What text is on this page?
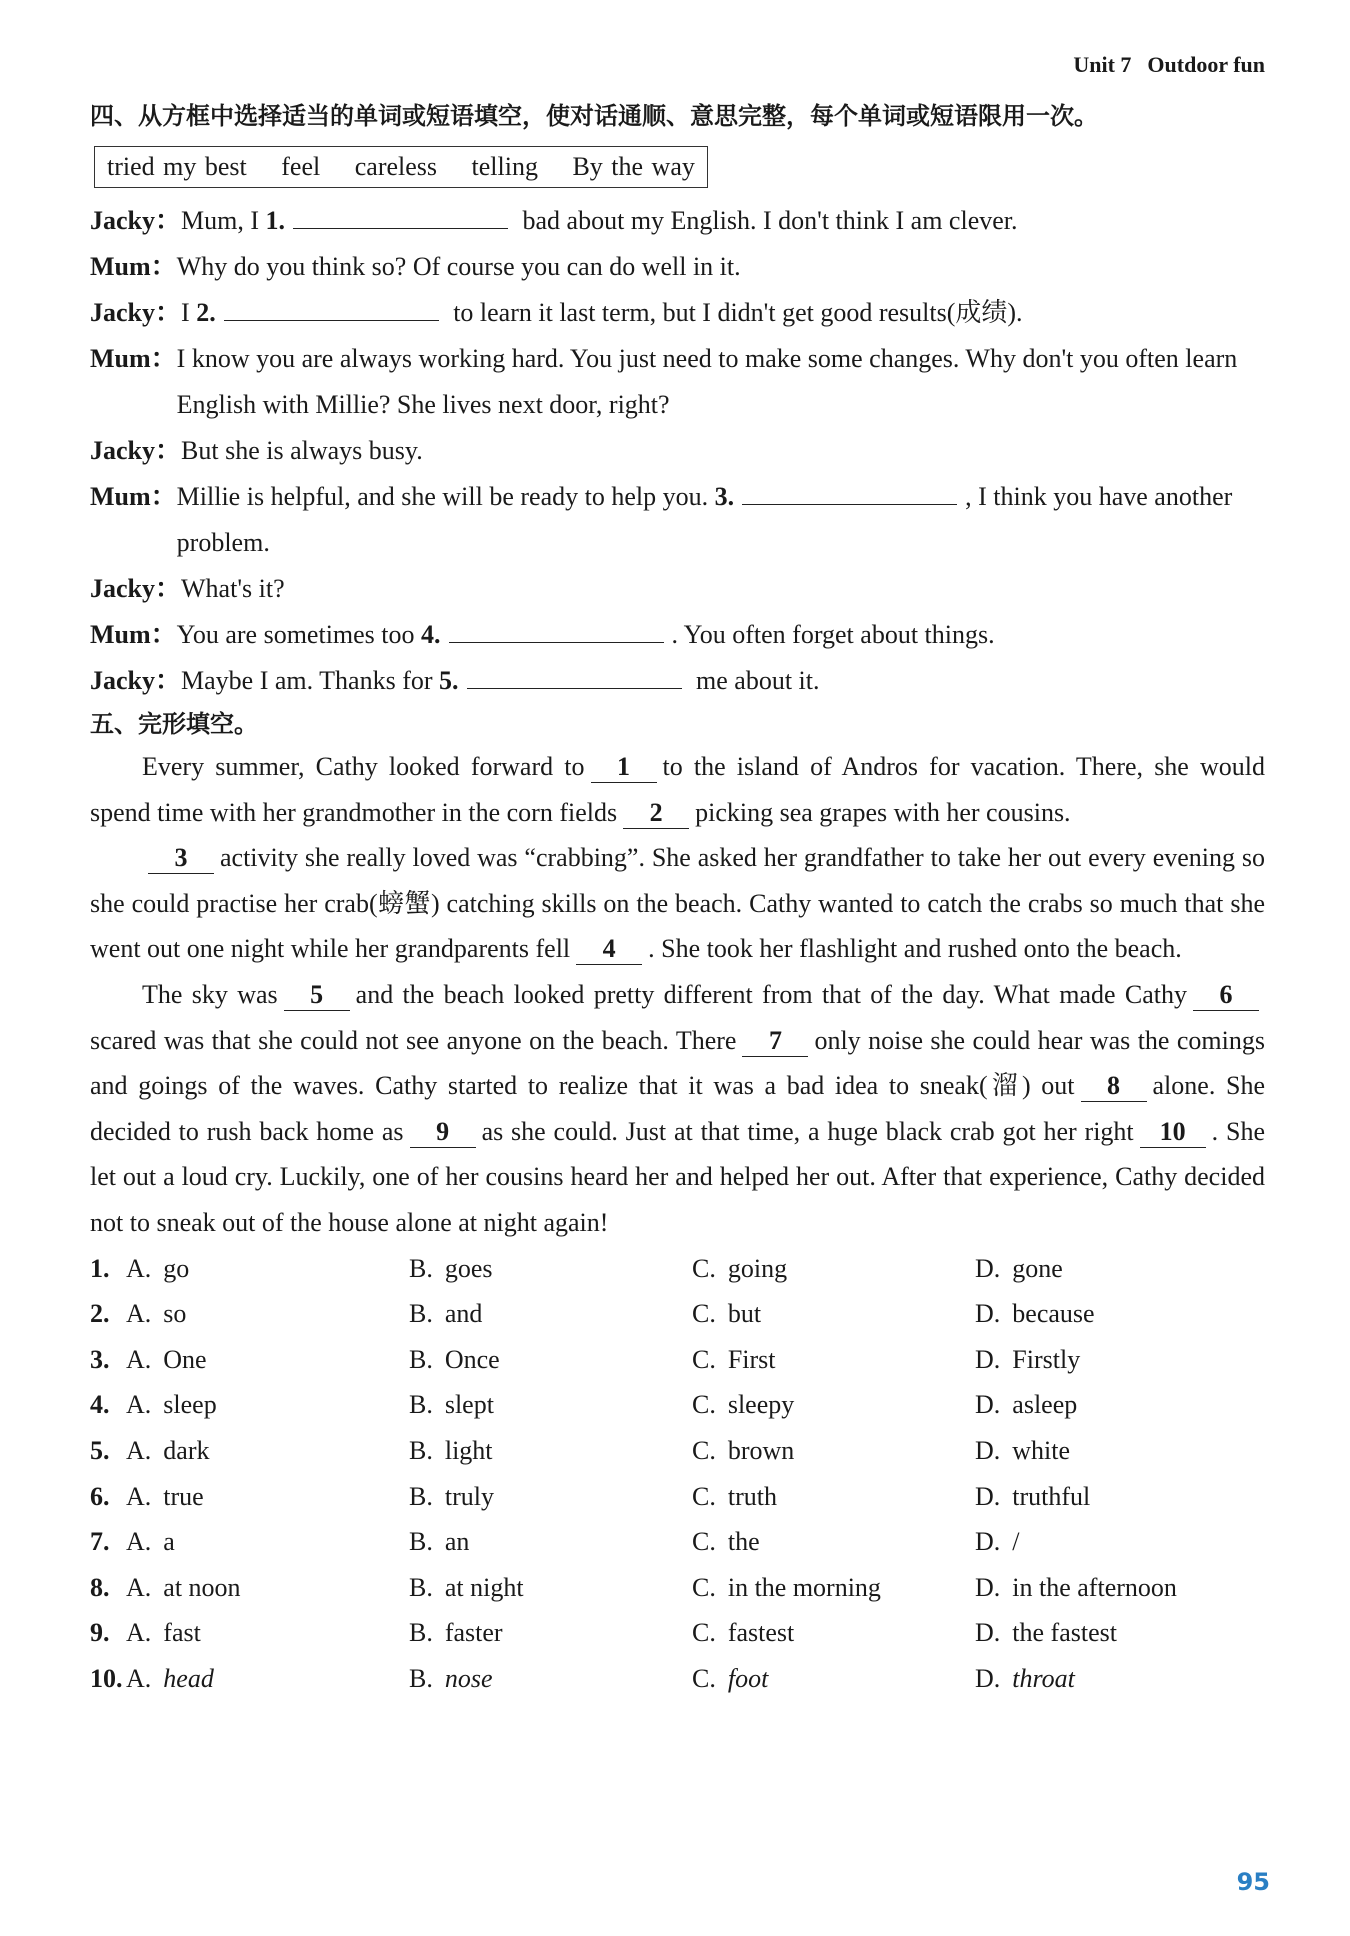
Unit 7 Outdoor fun
四、从方框中选择适当的单词或短语填空，使对话通顺、意思完整，每个单词或短语限用一次。
tried my best feel careless telling By the way
Jacky： Mum, I 1.	bad about my English. I don't think I am clever.
Mum： Why do you think so? Of course you can do well in it.
Jacky： I 2.	to learn it last term, but I didn't get good results(成绩).
Mum： I know you are always working hard. You just need to make some changes. Why don't you often learn English with Millie? She lives next door, right?
Jacky： But she is always busy.
Mum： Millie is helpful, and she will be ready to help you. 3.	, I think you have another problem.
Jacky： What's it?
Mum： You are sometimes too 4.	. You often forget about things.
Jacky： Maybe I am. Thanks for 5.	me about it.
五、完形填空。

Every summer, Cathy looked forward to 1 to the island of Andros for vacation. There, she would spend time with her grandmother in the corn fields 2 picking sea grapes with her cousins.

3 activity she really loved was “crabbing”. She asked her grandfather to take her out every evening so she could practise her crab(螃蟹) catching skills on the beach. Cathy wanted to catch the crabs so much that she went out one night while her grandparents fell 4 . She took her flashlight and rushed onto the beach.

The sky was 5 and the beach looked pretty different from that of the day. What made Cathy 6scared was that she could not see anyone on the beach. There 7 only noise she could hear was the comings and goings of the waves. Cathy started to realize that it was a bad idea to sneak(溜) out 8 alone. She decided to rush back home as 9 as she could. Just at that time, a huge black crab got her right 10 . She let out a loud cry. Luckily, one of her cousins heard her and helped her out. After that experience, Cathy decided not to sneak out of the house alone at night again!

1. A. go	B. goes	C. going	D. gone
2. A. so	B. and	C. but	D. because
3. A. One	B. Once	C. First	D. Firstly
4. A. sleep	B. slept	C. sleepy	D. asleep
5. A. dark	B. light	C. brown	D. white
6. A. true	B. truly	C. truth	D. truthful
7. A. a	B. an	C. the	D. /
8. A. at noon	B. at night	C. in the morning	D. in the afternoon
9. A. fast	B. faster	C. fastest	D. the fastest
10. A. head	B. nose	C. foot	D. throat
95
